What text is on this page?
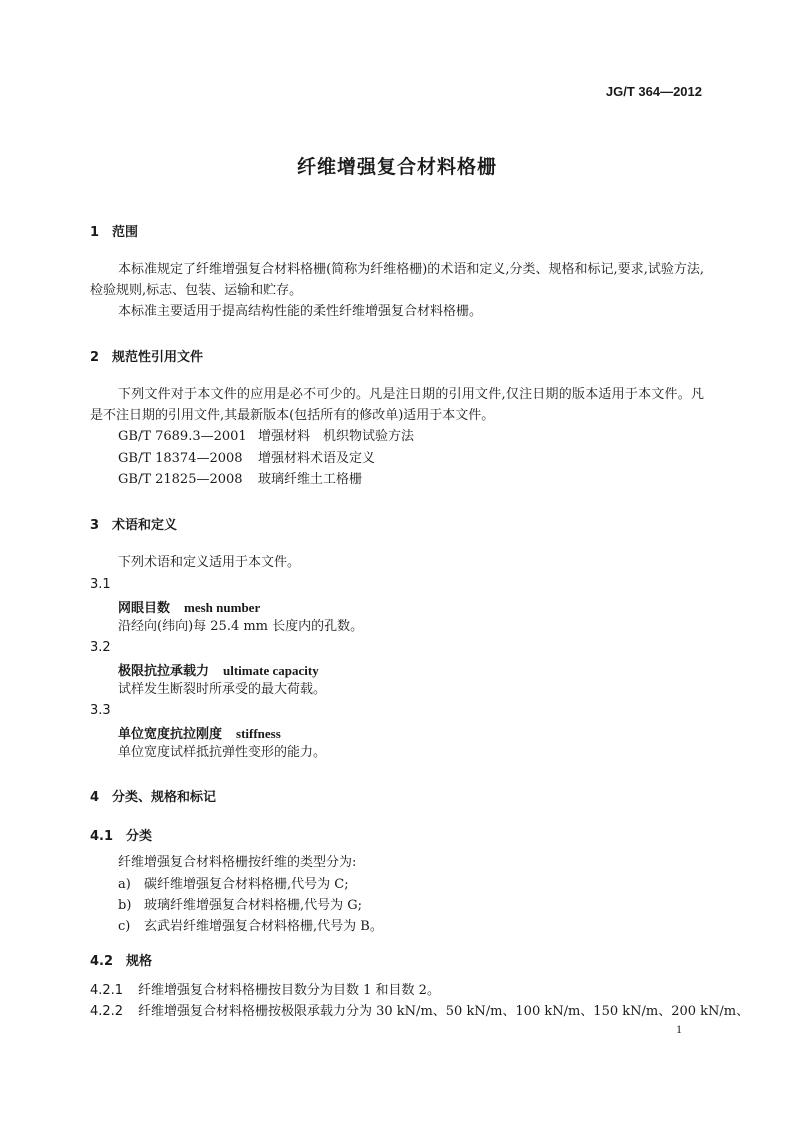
JG/T 364—2012
纤维增强复合材料格栅
1 范围
本标准规定了纤维增强复合材料格栅(简称为纤维格栅)的术语和定义,分类、规格和标记,要求,试验方法,检验规则,标志、包装、运输和贮存。
本标准主要适用于提高结构性能的柔性纤维增强复合材料格栅。
2 规范性引用文件
下列文件对于本文件的应用是必不可少的。凡是注日期的引用文件,仅注日期的版本适用于本文件。凡是不注日期的引用文件,其最新版本(包括所有的修改单)适用于本文件。
GB/T 7689.3—2001 增强材料　机织物试验方法
GB/T 18374—2008 增强材料术语及定义
GB/T 21825—2008 玻璃纤维土工格栅
3 术语和定义
下列术语和定义适用于本文件。
3.1
网眼目数 mesh number
沿经向(纬向)每 25.4 mm 长度内的孔数。
3.2
极限抗拉承载力 ultimate capacity
试样发生断裂时所承受的最大荷载。
3.3
单位宽度抗拉刚度 stiffness
单位宽度试样抵抗弹性变形的能力。
4 分类、规格和标记
4.1 分类
纤维增强复合材料格栅按纤维的类型分为:
a) 碳纤维增强复合材料格栅,代号为 C;
b) 玻璃纤维增强复合材料格栅,代号为 G;
c) 玄武岩纤维增强复合材料格栅,代号为 B。
4.2 规格
4.2.1 纤维增强复合材料格栅按目数分为目数 1 和目数 2。
4.2.2 纤维增强复合材料格栅按极限承载力分为 30 kN/m、50 kN/m、100 kN/m、150 kN/m、200 kN/m、
1
